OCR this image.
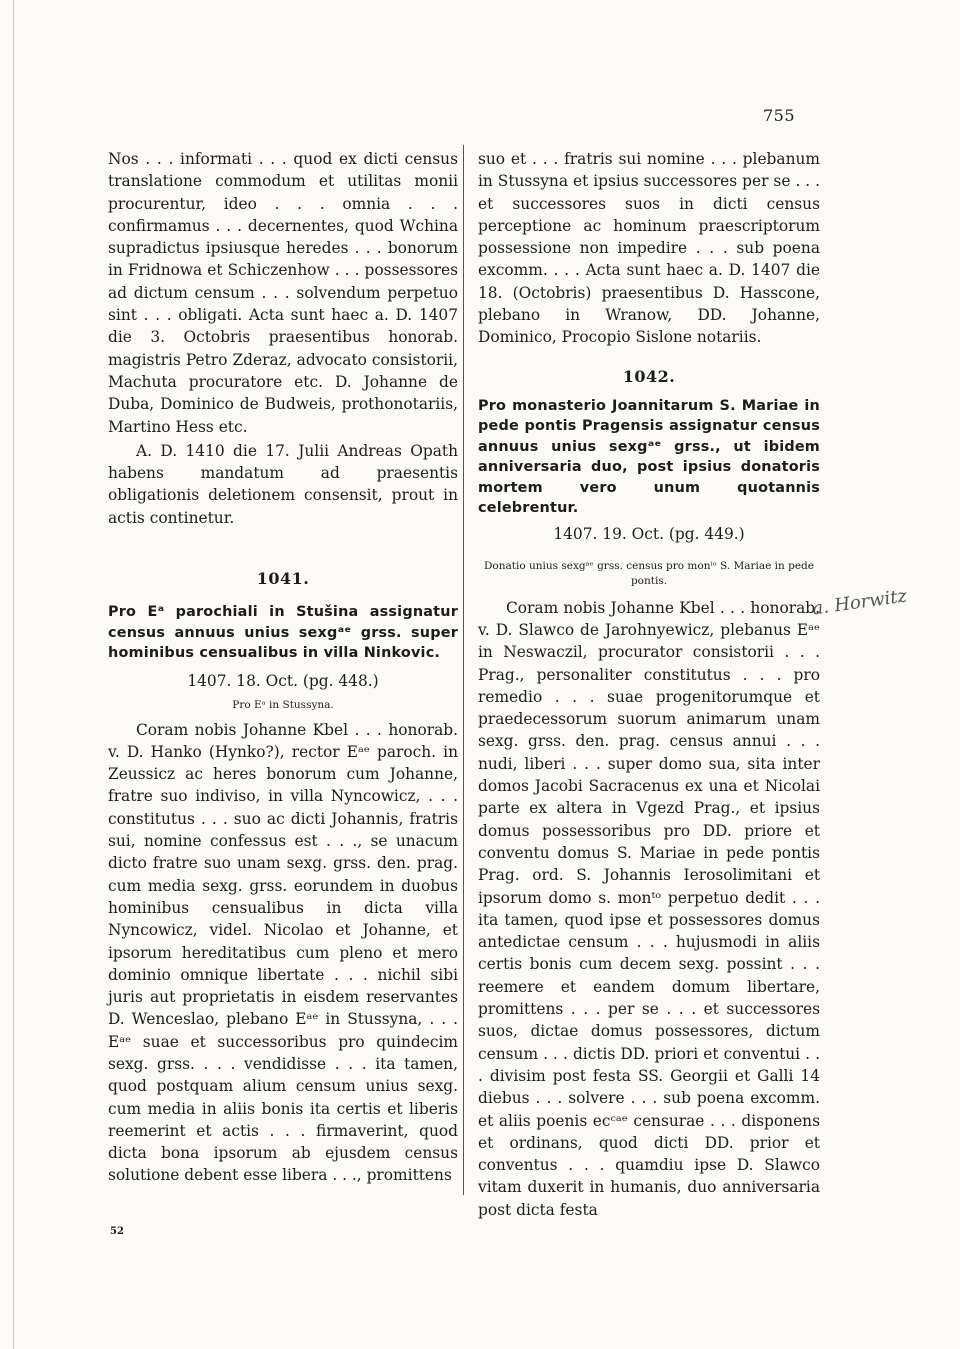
755

Nos . . . informati . . . quod ex dicti census translatione commodum et utilitas monii procurentur, ideo . . . omnia . . . confirmamus . . . decernentes, quod Wchina supradictus ipsiusque heredes . . . bonorum in Fridnowa et Schiczenhow . . . possessores ad dictum censum . . . solvendum perpetuo sint . . . obligati. Acta sunt haec a. D. 1407 die 3. Octobris praesentibus honorab. magistris Petro Zderaz, advocato consistorii, Machuta procuratore etc. D. Johanne de Duba, Dominico de Budweis, prothonotariis, Martino Hess etc.

A. D. 1410 die 17. Julii Andreas Opath habens mandatum ad praesentis obligationis deletionem consensit, prout in actis continetur.

1041.

Pro Eᵃ parochiali in Stušina assignatur census annuus unius sexgᵃᵉ grss. super hominibus censualibus in villa Ninkovic.

1407. 18. Oct. (pg. 448.)

Pro Eᵃ in Stussyna.

Coram nobis Johanne Kbel . . . honorab. v. D. Hanko (Hynko?), rector Eᵃᵉ paroch. in Zeussicz ac heres bonorum cum Johanne, fratre suo indiviso, in villa Nyncowicz, . . . constitutus . . . suo ac dicti Johannis, fratris sui, nomine confessus est . . ., se unacum dicto fratre suo unam sexg. grss. den. prag. cum media sexg. grss. eorundem in duobus hominibus censualibus in dicta villa Nyncowicz, videl. Nicolao et Johanne, et ipsorum hereditatibus cum pleno et mero dominio omnique libertate . . . nichil sibi juris aut proprietatis in eisdem reservantes D. Wenceslao, plebano Eᵃᵉ in Stussyna, . . . Eᵃᵉ suae et successoribus pro quindecim sexg. grss. . . . vendidisse . . . ita tamen, quod postquam alium censum unius sexg. cum media in aliis bonis ita certis et liberis reemerint et actis . . . firmaverint, quod dicta bona ipsorum ab ejusdem census solutione debent esse libera . . ., promittens

suo et . . . fratris sui nomine . . . plebanum in Stussyna et ipsius successores per se . . . et successores suos in dicti census perceptione ac hominum praescriptorum possessione non impedire . . . sub poena excomm. . . . Acta sunt haec a. D. 1407 die 18. (Octobris) praesentibus D. Hasscone, plebano in Wranow, DD. Johanne, Dominico, Procopio Sislone notariis.

1042.

Pro monasterio Joannitarum S. Mariae in pede pontis Pragensis assignatur census annuus unius sexgᵃᵉ grss., ut ibidem anniversaria duo, post ipsius donatoris mortem vero unum quotannis celebrentur.

1407. 19. Oct. (pg. 449.)

Donatio unius sexgᵃᵉ grss. census pro monⁱᵒ S. Mariae in pede pontis.

Coram nobis Johanne Kbel . . . honorab. v. D. Slawco de Jarohnyewicz, plebanus Eᵃᵉ in Neswaczil, procurator consistorii . . . Prag., personaliter constitutus . . . pro remedio . . . suae progenitorumque et praedecessorum suorum animarum unam sexg. grss. den. prag. census annui . . . nudi, liberi . . . super domo sua, sita inter domos Jacobi Sacracenus ex una et Nicolai parte ex altera in Vgezd Prag., et ipsius domus possessoribus pro DD. priore et conventu domus S. Mariae in pede pontis Prag. ord. S. Johannis Ierosolimitani et ipsorum domo s. monᵗᵒ perpetuo dedit . . . ita tamen, quod ipse et possessores domus antedictae censum . . . hujusmodi in aliis certis bonis cum decem sexg. possint . . . reemere et eandem domum libertare, promittens . . . per se . . . et successores suos, dictae domus possessores, dictum censum . . . dictis DD. priori et conventui . . . divisim post festa SS. Georgii et Galli 14 diebus . . . solvere . . . sub poena excomm. et aliis poenis ecᶜᵃᵉ censurae . . . disponens et ordinans, quod dicti DD. prior et conventus . . . quamdiu ipse D. Slawco vitam duxerit in humanis, duo anniversaria post dicta festa

a. Horwitz
52
